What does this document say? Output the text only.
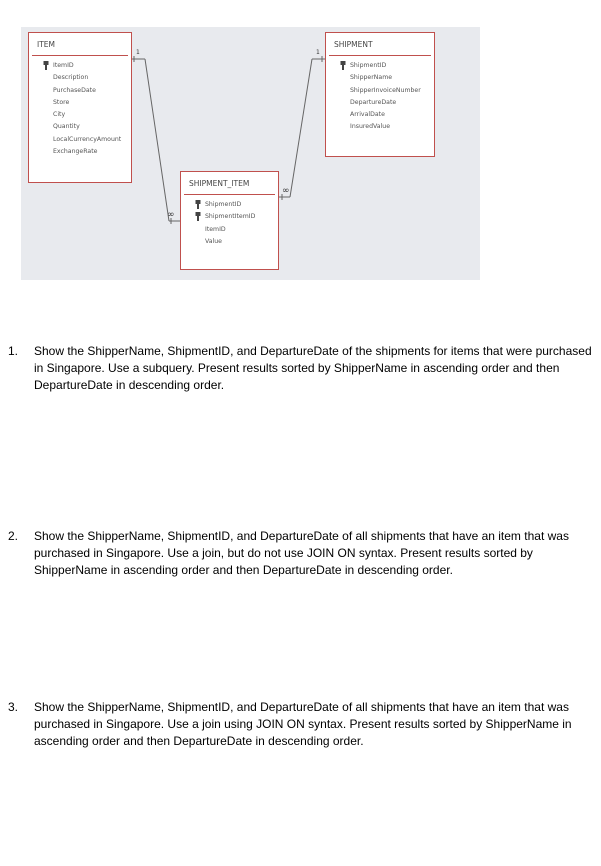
1
∞
1
∞
ITEM
ItemID
Description
PurchaseDate
Store
City
Quantity
LocalCurrencyAmount
ExchangeRate
SHIPMENT
ShipmentID
ShipperName
ShipperInvoiceNumber
DepartureDate
ArrivalDate
InsuredValue
SHIPMENT_ITEM
ShipmentID
ShipmentItemID
ItemID
Value
1. Show the ShipperName, ShipmentID, and DepartureDate of the shipments for items that were purchased in Singapore. Use a subquery. Present results sorted by ShipperName in ascending order and then DepartureDate in descending order.
2. Show the ShipperName, ShipmentID, and DepartureDate of all shipments that have an item that was purchased in Singapore. Use a join, but do not use JOIN ON syntax. Present results sorted by ShipperName in ascending order and then DepartureDate in descending order.
3. Show the ShipperName, ShipmentID, and DepartureDate of all shipments that have an item that was purchased in Singapore. Use a join using JOIN ON syntax. Present results sorted by ShipperName in ascending order and then DepartureDate in descending order.
